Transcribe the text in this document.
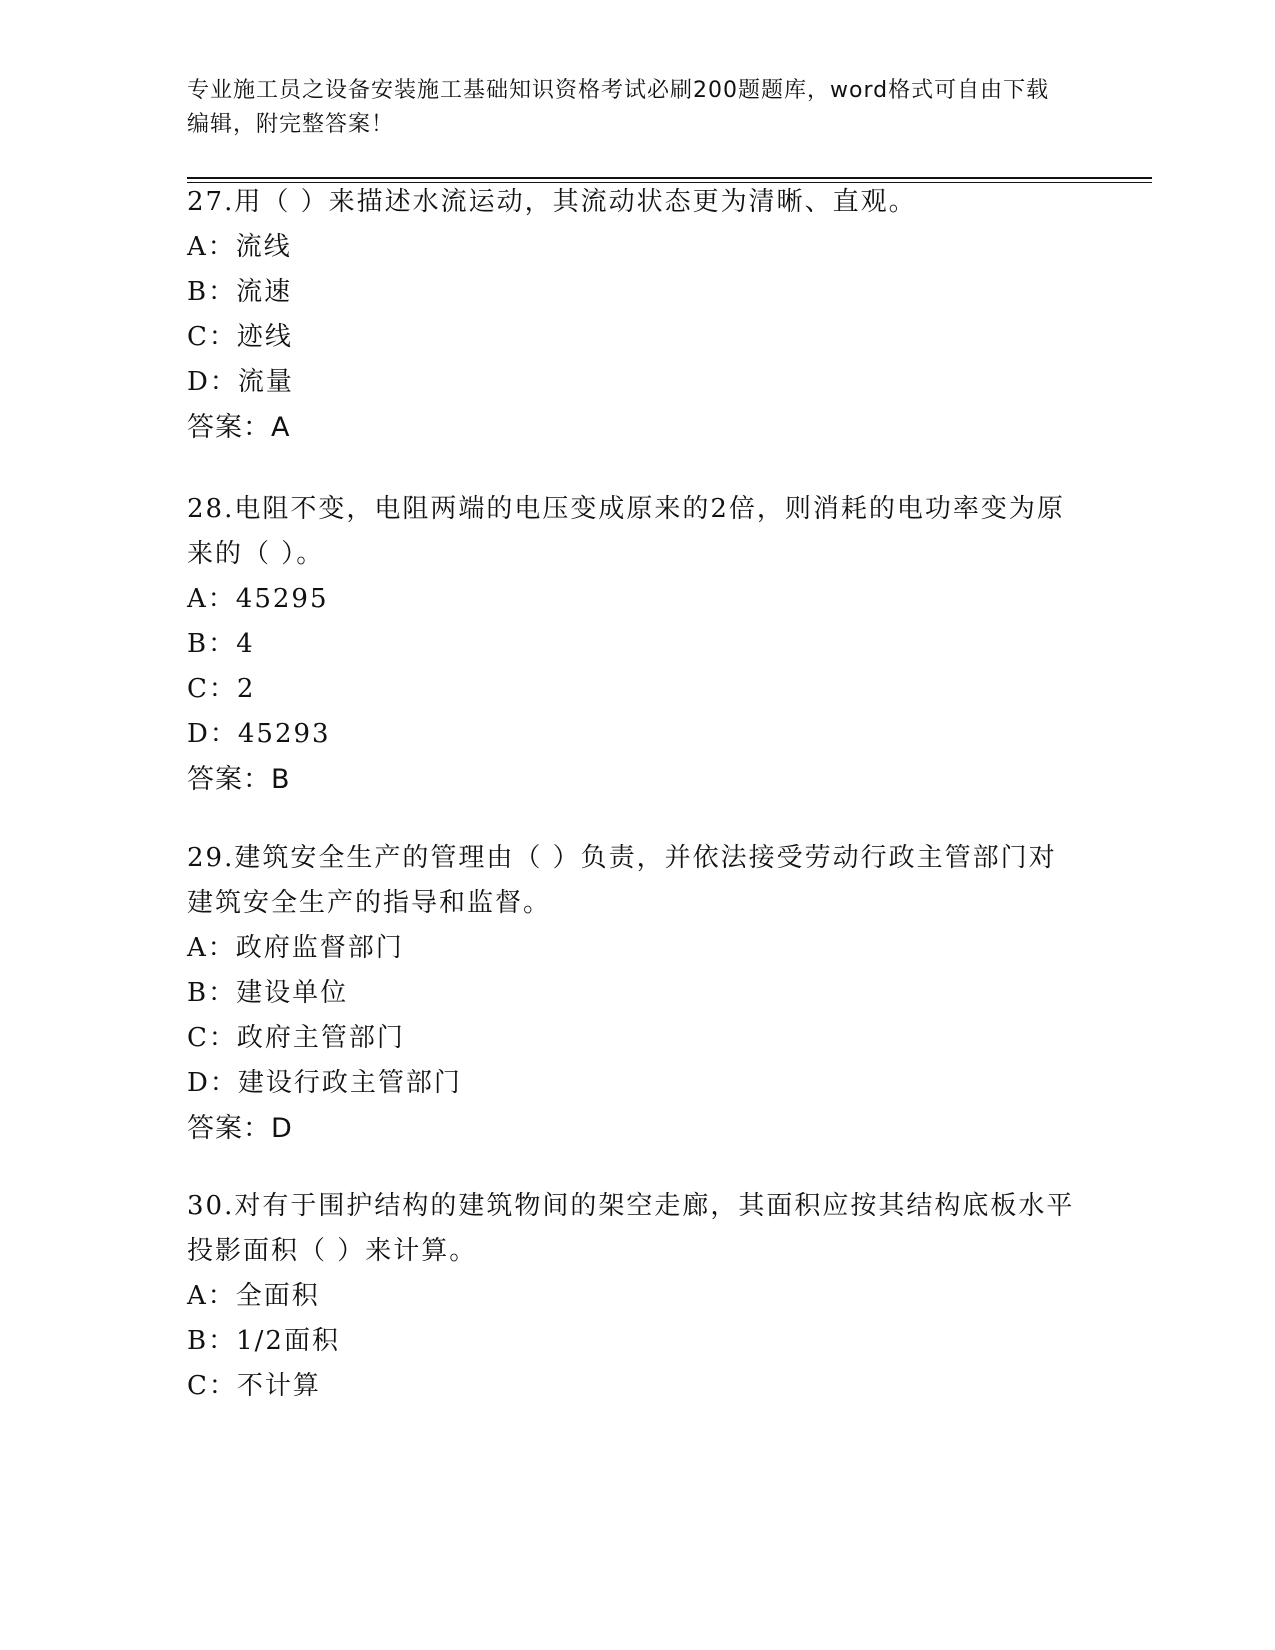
专业施工员之设备安装施工基础知识资格考试必刷200题题库，word格式可自由下载编辑，附完整答案！
27.用（ ）来描述水流运动，其流动状态更为清晰、直观。
A：流线
B：流速
C：迹线
D：流量
答案：A
28.电阻不变，电阻两端的电压变成原来的2倍，则消耗的电功率变为原来的（ ）。
A：45295
B：4
C：2
D：45293
答案：B
29.建筑安全生产的管理由（ ）负责，并依法接受劳动行政主管部门对建筑安全生产的指导和监督。
A：政府监督部门
B：建设单位
C：政府主管部门
D：建设行政主管部门
答案：D
30.对有于围护结构的建筑物间的架空走廊，其面积应按其结构底板水平投影面积（ ）来计算。
A：全面积
B：1/2面积
C：不计算
